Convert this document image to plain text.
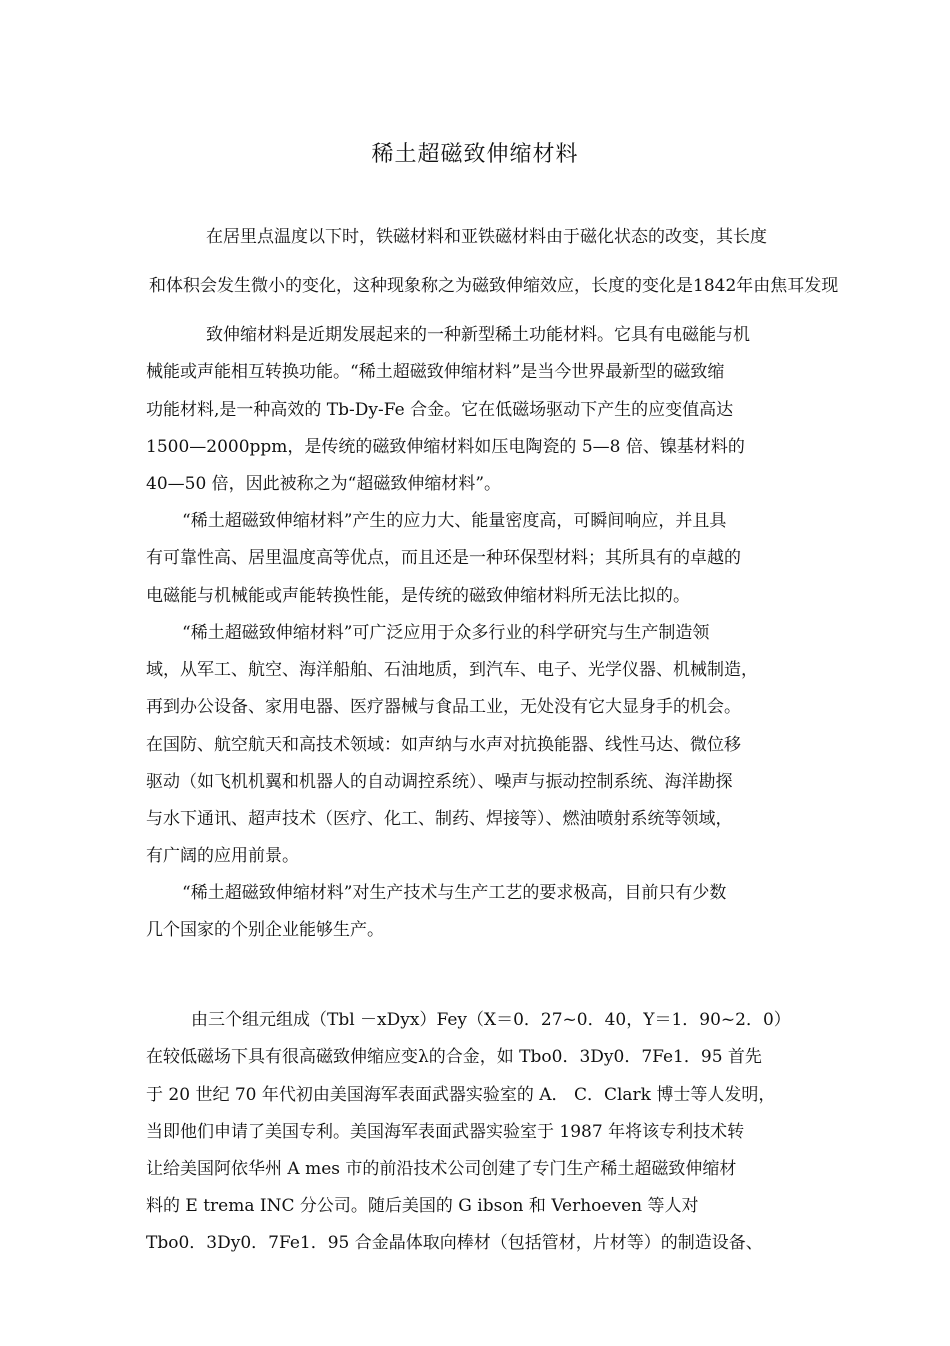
稀土超磁致伸缩材料
在居里点温度以下时，铁磁材料和亚铁磁材料由于磁化状态的改变，其长度
和体积会发生微小的变化，这种现象称之为磁致伸缩效应，长度的变化是1842年由焦耳发现
致伸缩材料是近期发展起来的一种新型稀土功能材料。它具有电磁能与机
械能或声能相互转换功能。“稀土超磁致伸缩材料”是当今世界最新型的磁致缩
功能材料,是一种高效的 Tb-Dy-Fe 合金。它在低磁场驱动下产生的应变值高达
1500—2000ppm，是传统的磁致伸缩材料如压电陶瓷的 5—8 倍、镍基材料的
40—50 倍，因此被称之为“超磁致伸缩材料”。
“稀土超磁致伸缩材料”产生的应力大、能量密度高，可瞬间响应，并且具
有可靠性高、居里温度高等优点，而且还是一种环保型材料；其所具有的卓越的
电磁能与机械能或声能转换性能，是传统的磁致伸缩材料所无法比拟的。
“稀土超磁致伸缩材料”可广泛应用于众多行业的科学研究与生产制造领
域，从军工、航空、海洋船舶、石油地质，到汽车、电子、光学仪器、机械制造，
再到办公设备、家用电器、医疗器械与食品工业，无处没有它大显身手的机会。
在国防、航空航天和高技术领域：如声纳与水声对抗换能器、线性马达、微位移
驱动（如飞机机翼和机器人的自动调控系统）、噪声与振动控制系统、海洋勘探
与水下通讯、超声技术（医疗、化工、制药、焊接等）、燃油喷射系统等领域，
有广阔的应用前景。
“稀土超磁致伸缩材料”对生产技术与生产工艺的要求极高，目前只有少数
几个国家的个别企业能够生产。
由三个组元组成（Tbl －xDyx）Fey（X＝0．27~0．40，Y＝1．90~2．0）
在较低磁场下具有很高磁致伸缩应变λ的合金，如 Tbo0．3Dy0．7Fe1．95 首先
于 20 世纪 70 年代初由美国海军表面武器实验室的 A． C．Clark 博士等人发明，
当即他们申请了美国专利。美国海军表面武器实验室于 1987 年将该专利技术转
让给美国阿依华州 A mes 市的前沿技术公司创建了专门生产稀土超磁致伸缩材
料的 E trema INC 分公司。随后美国的 G ibson 和 Verhoeven 等人对
Tbo0．3Dy0．7Fe1．95 合金晶体取向棒材（包括管材，片材等）的制造设备、
